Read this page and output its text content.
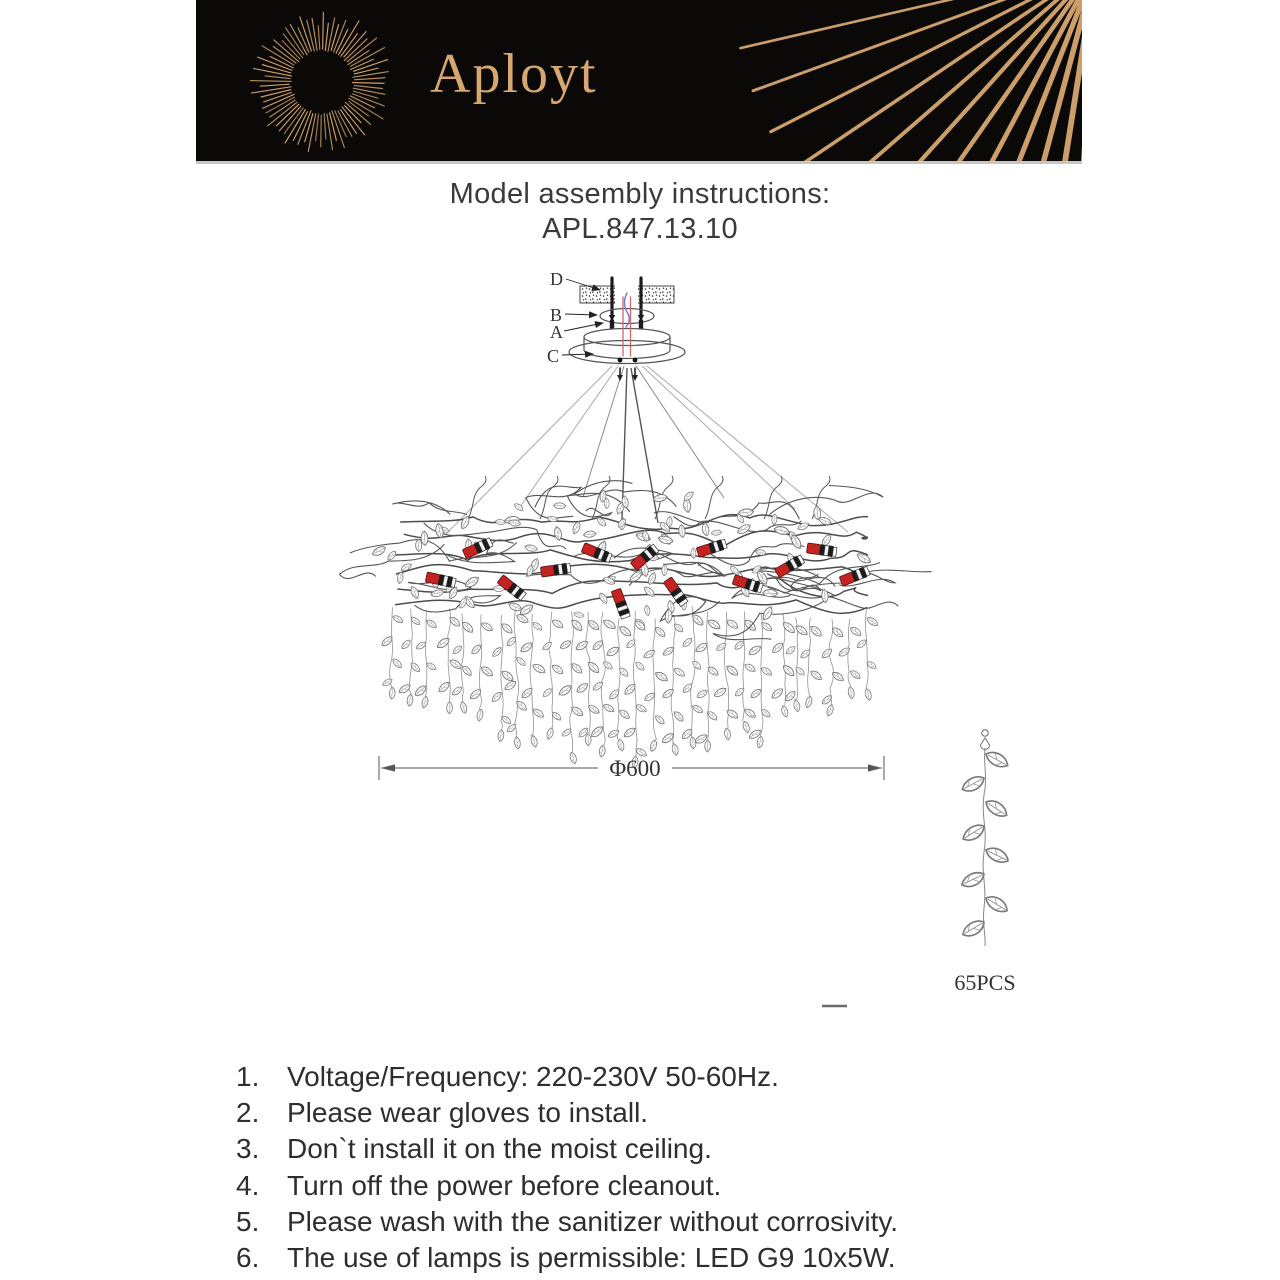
Aployt
Model assembly instructions:
APL.847.13.10
D
B
A
C
Φ600
65PCS
1. Voltage/Frequency: 220-230V 50-60Hz.
2. Please wear gloves to install.
3. Don`t install it on the moist ceiling.
4. Turn off the power before cleanout.
5. Please wash with the sanitizer without corrosivity.
6. The use of lamps is permissible: LED G9 10x5W.
